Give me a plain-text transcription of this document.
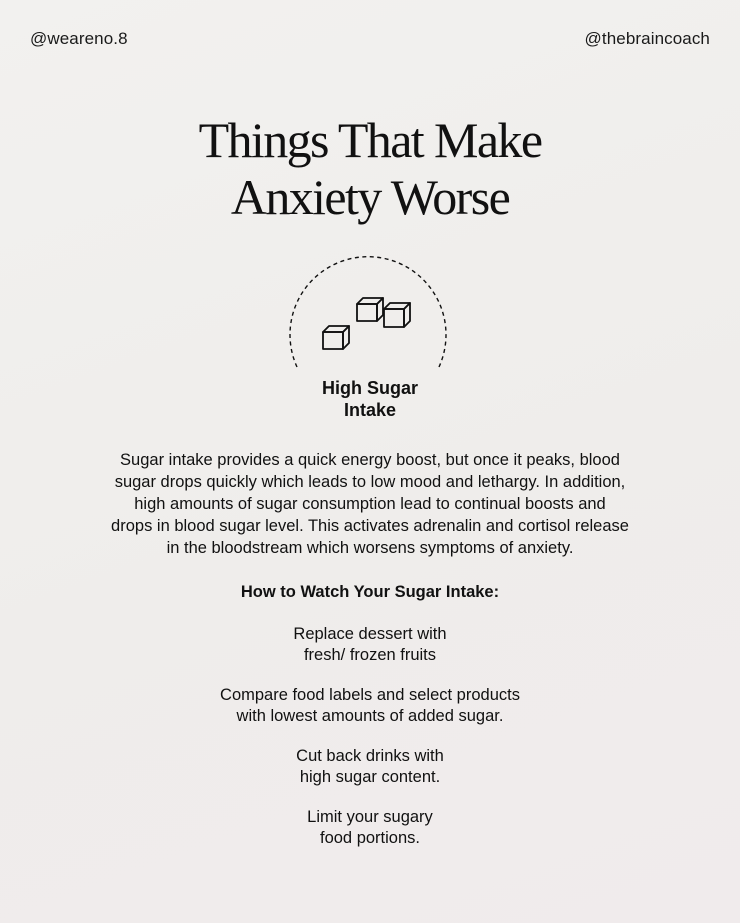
@weareno.8	@thebraincoach
Things That Make
Anxiety Worse
High Sugar
Intake
Sugar intake provides a quick energy boost, but once it peaks, blood
sugar drops quickly which leads to low mood and lethargy. In addition,
high amounts of sugar consumption lead to continual boosts and
drops in blood sugar level. This activates adrenalin and cortisol release
in the bloodstream which worsens symptoms of anxiety.
How to Watch Your Sugar Intake:
Replace dessert with
fresh/ frozen fruits
Compare food labels and select products
with lowest amounts of added sugar.
Cut back drinks with
high sugar content.
Limit your sugary
food portions.
